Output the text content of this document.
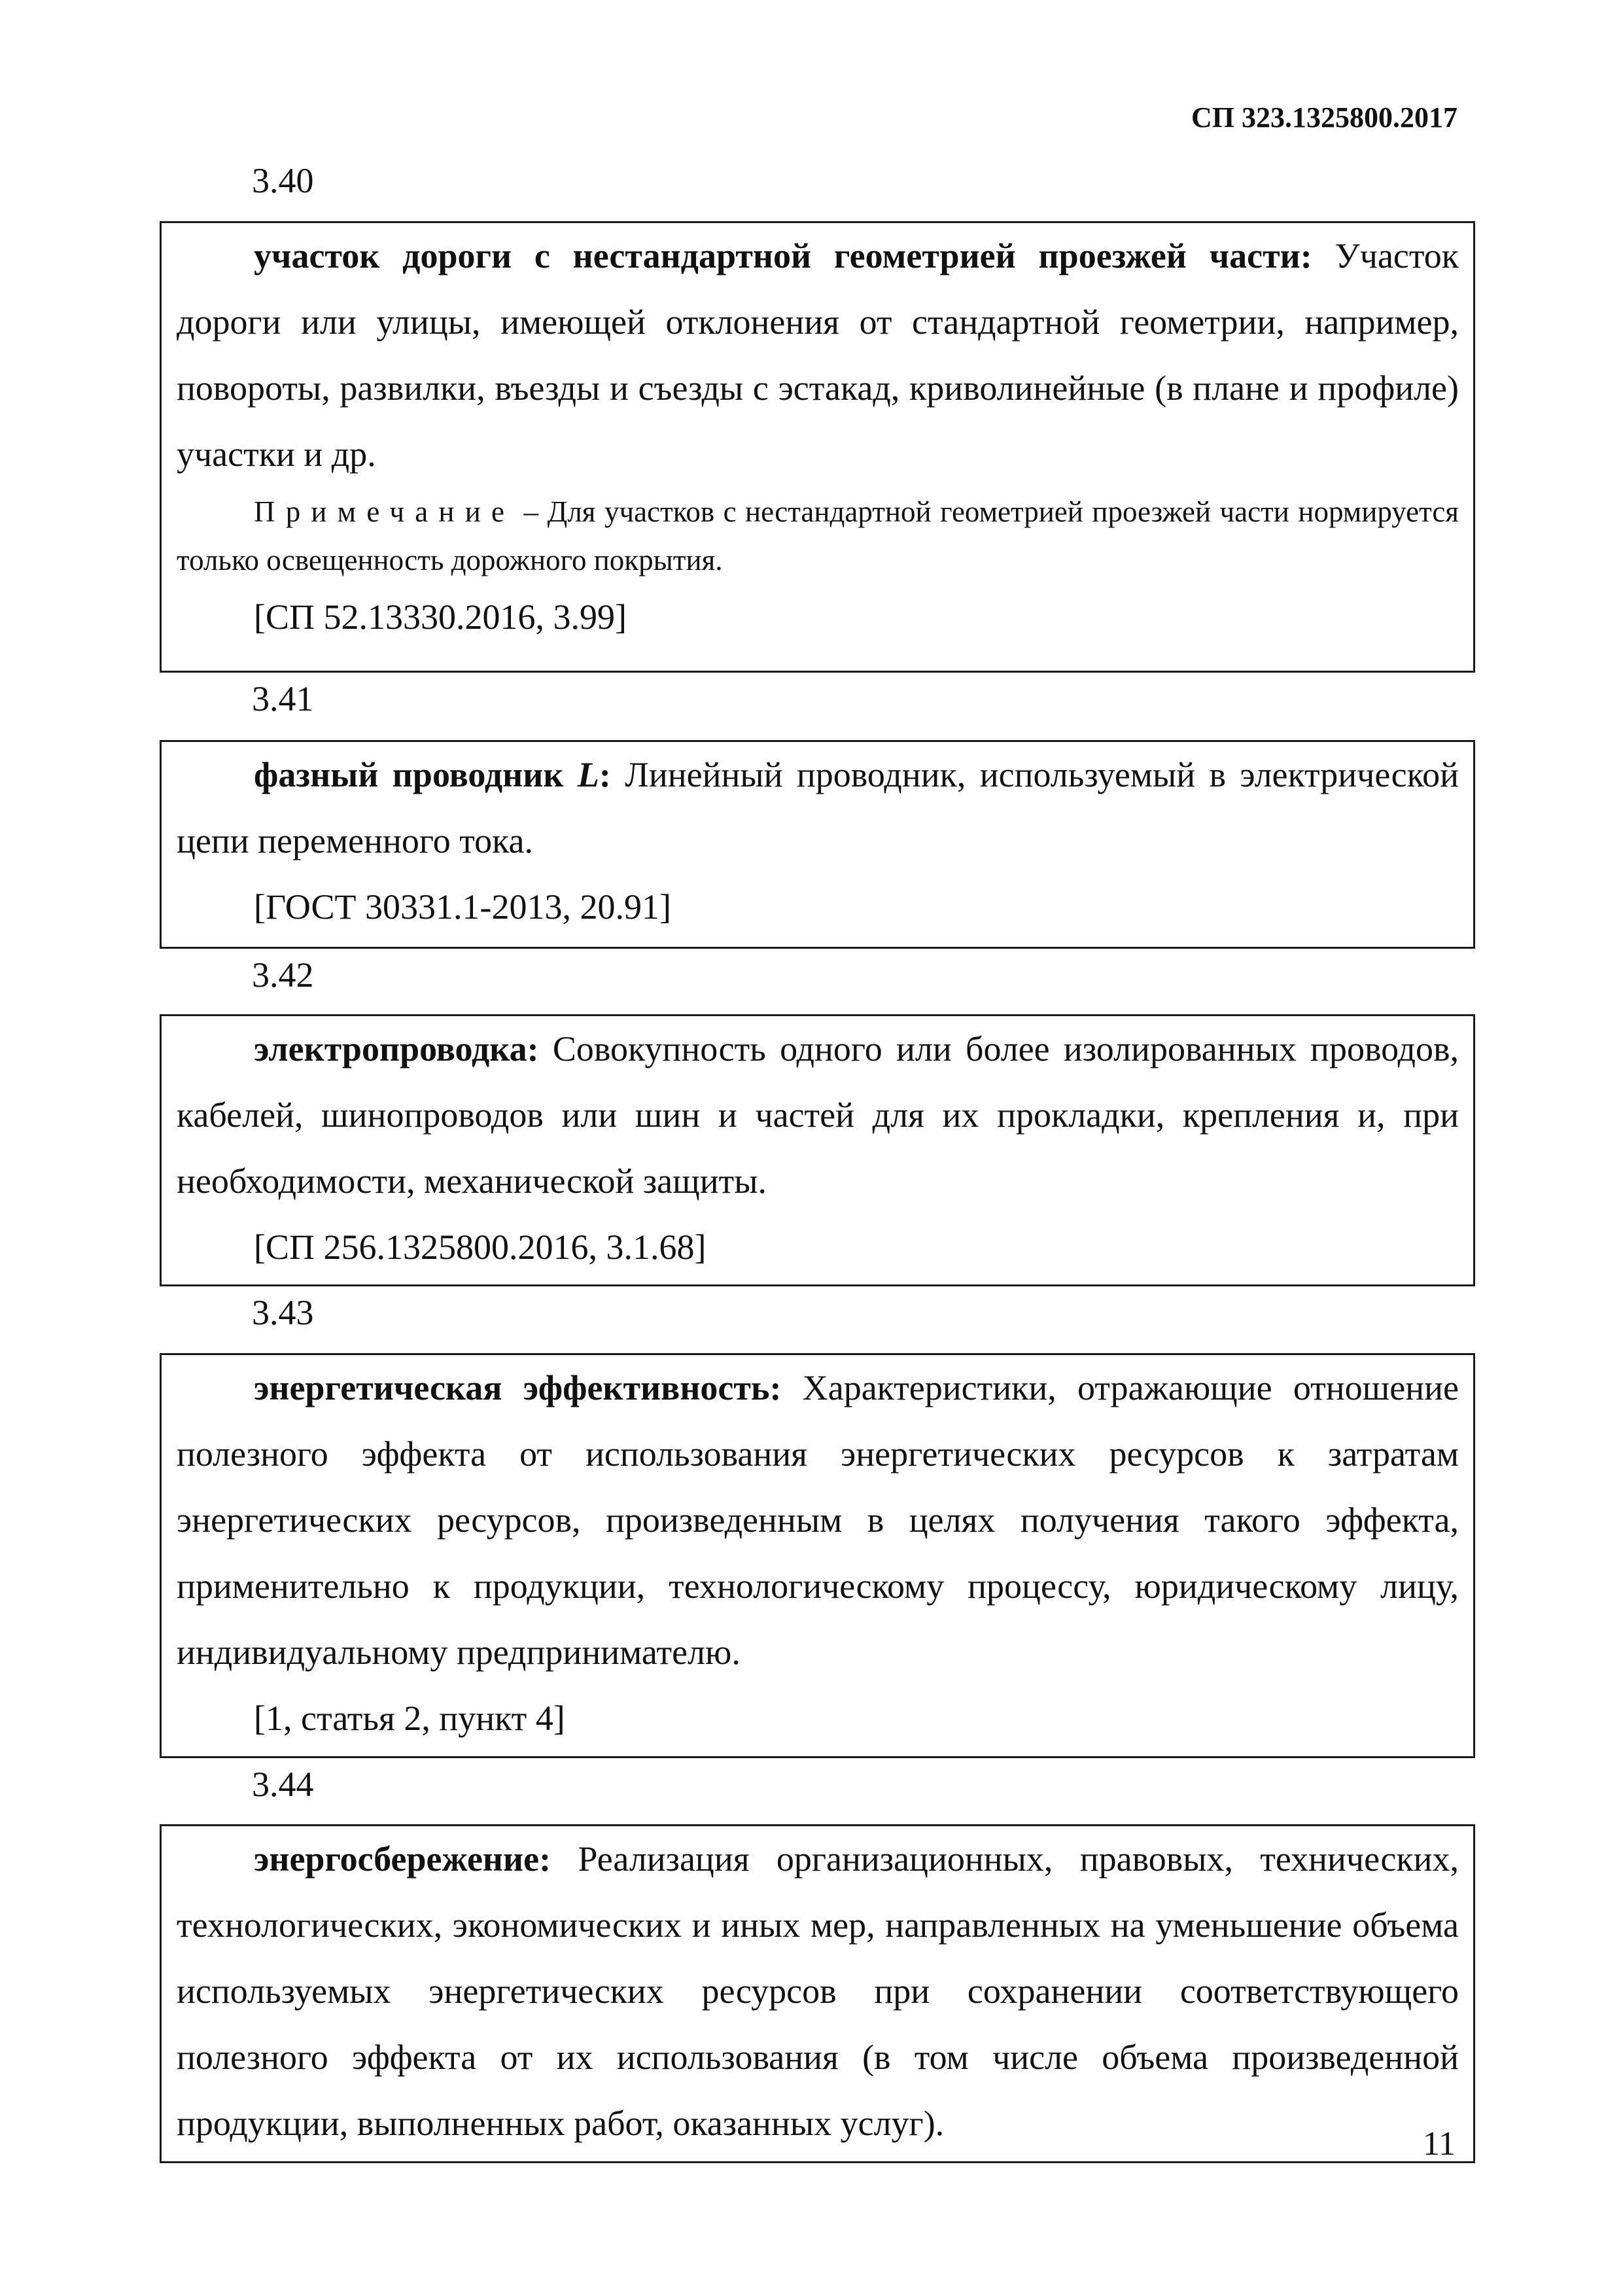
СП 323.1325800.2017
3.40

участок дороги с нестандартной геометрией проезжей части: Участок дороги или улицы, имеющей отклонения от стандартной геометрии, например, повороты, развилки, въезды и съезды с эстакад, криволинейные (в плане и профиле) участки и др.

Примечание – Для участков с нестандартной геометрией проезжей части нормируется только освещенность дорожного покрытия.

[СП 52.13330.2016, 3.99]

3.41

фазный проводник L: Линейный проводник, используемый в электрической цепи переменного тока.

[ГОСТ 30331.1-2013, 20.91]

3.42

электропроводка: Совокупность одного или более изолированных проводов, кабелей, шинопроводов или шин и частей для их прокладки, крепления и, при необходимости, механической защиты.

[СП 256.1325800.2016, 3.1.68]

3.43

энергетическая эффективность: Характеристики, отражающие отношение полезного эффекта от использования энергетических ресурсов к затратам энергетических ресурсов, произведенным в целях получения такого эффекта, применительно к продукции, технологическому процессу, юридическому лицу, индивидуальному предпринимателю.

[1, статья 2, пункт 4]

3.44

энергосбережение: Реализация организационных, правовых, технических, технологических, экономических и иных мер, направленных на уменьшение объема используемых энергетических ресурсов при сохранении соответствующего полезного эффекта от их использования (в том числе объема произведенной продукции, выполненных работ, оказанных услуг).

11
